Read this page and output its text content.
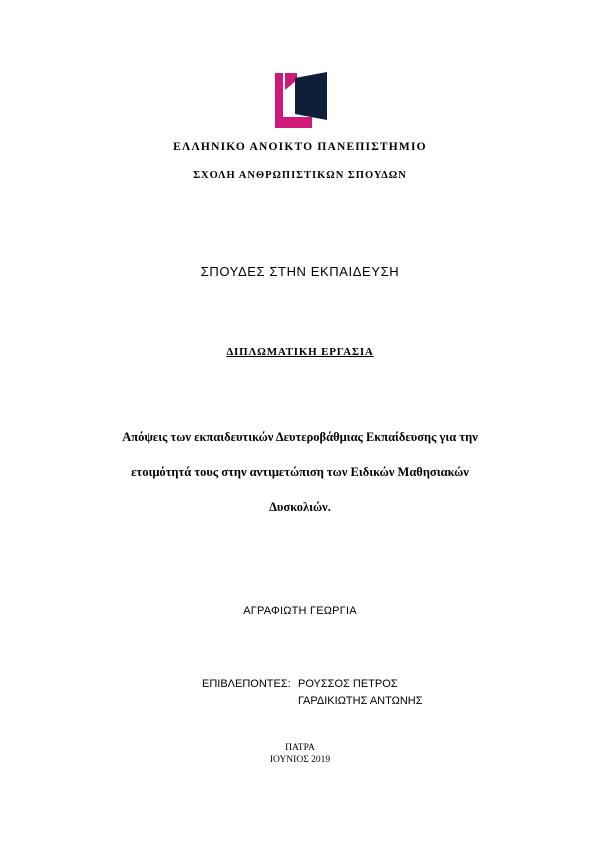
ΕΛΛΗΝΙΚΟ ΑΝΟΙΚΤΟ ΠΑΝΕΠΙΣΤΗΜΙΟ
ΣΧΟΛΗ ΑΝΘΡΩΠΙΣΤΙΚΩΝ ΣΠΟΥΔΩΝ
ΣΠΟΥΔΕΣ ΣΤΗΝ ΕΚΠΑΙΔΕΥΣΗ
ΔΙΠΛΩΜΑΤΙΚΗ ΕΡΓΑΣΙΑ
Απόψεις των εκπαιδευτικών Δευτεροβάθμιας Εκπαίδευσης για την
ετοιμότητά τους στην αντιμετώπιση των Ειδικών Μαθησιακών
Δυσκολιών.
ΑΓΡΑΦΙΩΤΗ ΓΕΩΡΓΙΑ
ΕΠΙΒΛΕΠΟΝΤΕΣ: ΡΟΥΣΣΟΣ ΠΕΤΡΟΣ
ΓΑΡΔΙΚΙΩΤΗΣ ΑΝΤΩΝΗΣ
ΠΑΤΡΑ
ΙΟΥΝΙΟΣ 2019
